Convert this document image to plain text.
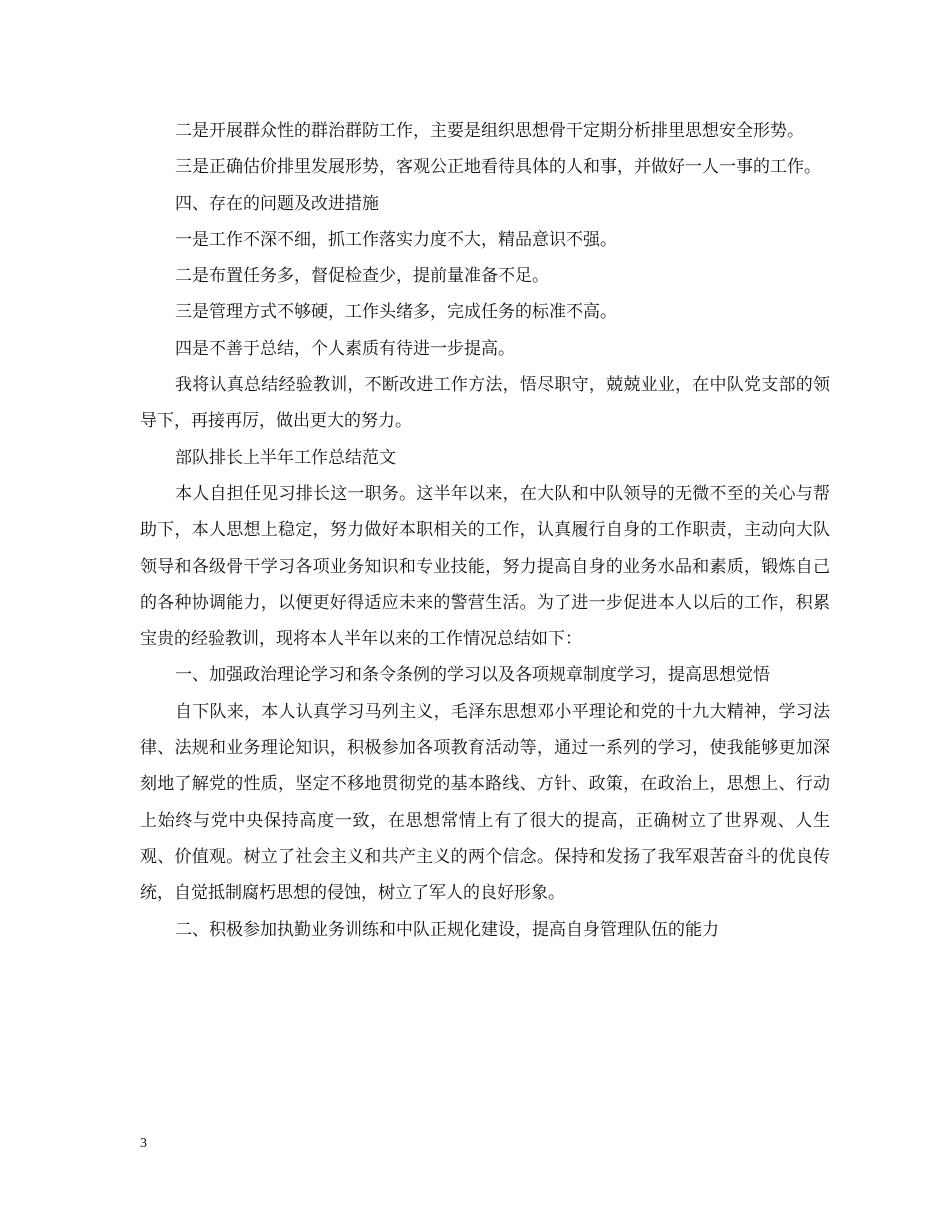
二是开展群众性的群治群防工作，主要是组织思想骨干定期分析排里思想安全形势。

三是正确估价排里发展形势，客观公正地看待具体的人和事，并做好一人一事的工作。

四、存在的问题及改进措施

一是工作不深不细，抓工作落实力度不大，精品意识不强。

二是布置任务多，督促检查少，提前量准备不足。

三是管理方式不够硬，工作头绪多，完成任务的标准不高。

四是不善于总结，个人素质有待进一步提高。

我将认真总结经验教训，不断改进工作方法，悟尽职守，兢兢业业，在中队党支部的领导下，再接再厉，做出更大的努力。

部队排长上半年工作总结范文

本人自担任见习排长这一职务。这半年以来，在大队和中队领导的无微不至的关心与帮助下，本人思想上稳定，努力做好本职相关的工作，认真履行自身的工作职责，主动向大队领导和各级骨干学习各项业务知识和专业技能，努力提高自身的业务水品和素质，锻炼自己的各种协调能力，以便更好得适应未来的警营生活。为了进一步促进本人以后的工作，积累宝贵的经验教训，现将本人半年以来的工作情况总结如下：

一、加强政治理论学习和条令条例的学习以及各项规章制度学习，提高思想觉悟

自下队来，本人认真学习马列主义，毛泽东思想邓小平理论和党的十九大精神，学习法律、法规和业务理论知识，积极参加各项教育活动等，通过一系列的学习，使我能够更加深刻地了解党的性质，坚定不移地贯彻党的基本路线、方针、政策，在政治上，思想上、行动上始终与党中央保持高度一致，在思想常情上有了很大的提高，正确树立了世界观、人生观、价值观。树立了社会主义和共产主义的两个信念。保持和发扬了我军艰苦奋斗的优良传统，自觉抵制腐朽思想的侵蚀，树立了军人的良好形象。

二、积极参加执勤业务训练和中队正规化建设，提高自身管理队伍的能力

3
